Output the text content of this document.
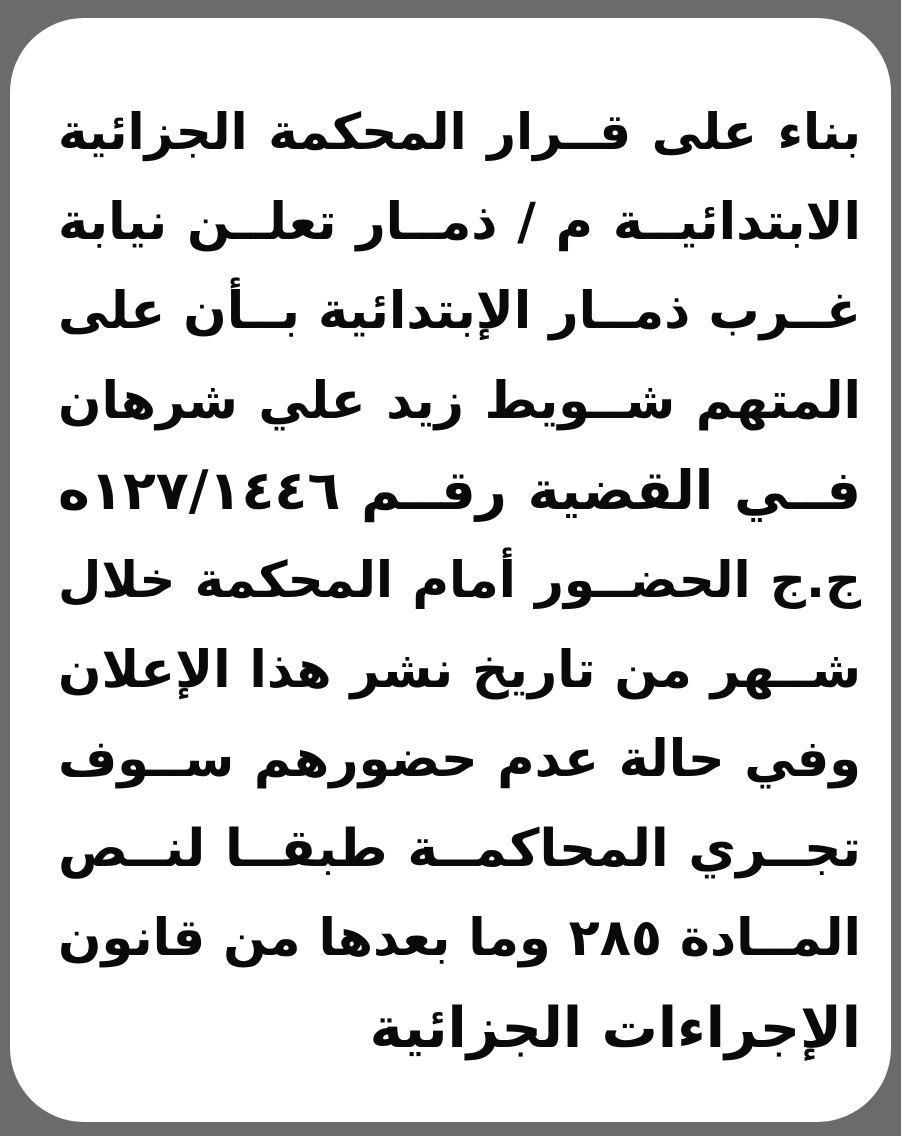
بناء على قــرار المحكمة الجزائية
الابتدائيــة م / ذمــار تعلــن نيابة
غــرب ذمــار الإبتدائية بــأن على
المتهم شــويط زيد علي شرهان
فــي القضية رقــم ١٢٧/١٤٤٦ه
ج.ج الحضــور أمام المحكمة خلال
شــهر من تاريخ نشر هذا الإعلان
وفي حالة عدم حضورهم ســوف
تجــري المحاكمــة طبقــا لنــص
المــادة ٢٨٥ وما بعدها من قانون
الإجراءات الجزائية
